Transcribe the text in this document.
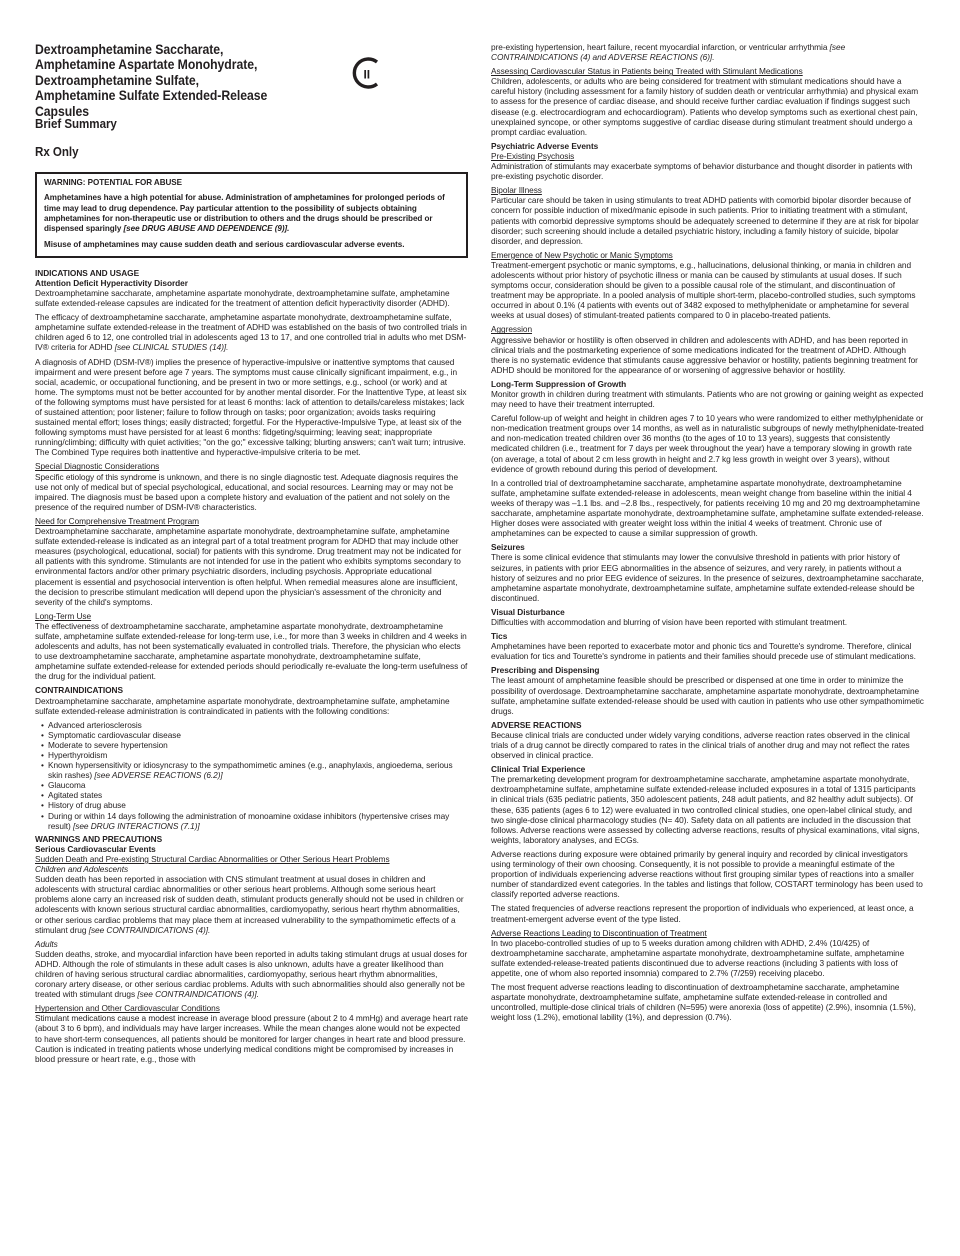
Dextroamphetamine Saccharate,
Amphetamine Aspartate Monohydrate,
Dextroamphetamine Sulfate,
Amphetamine Sulfate Extended-Release Capsules

II

Brief Summary

Rx Only

WARNING: POTENTIAL FOR ABUSE

Amphetamines have a high potential for abuse. Administration of amphetamines for prolonged periods of time may lead to drug dependence. Pay particular attention to the possibility of subjects obtaining amphetamines for non-therapeutic use or distribution to others and the drugs should be prescribed or dispensed sparingly [see DRUG ABUSE AND DEPENDENCE (9)].

Misuse of amphetamines may cause sudden death and serious cardiovascular adverse events.

INDICATIONS AND USAGE

Attention Deficit Hyperactivity Disorder

Dextroamphetamine saccharate, amphetamine aspartate monohydrate, dextroamphetamine sulfate, amphetamine sulfate extended-release capsules are indicated for the treatment of attention deficit hyperactivity disorder (ADHD).

The efficacy of dextroamphetamine saccharate, amphetamine aspartate monohydrate, dextroamphetamine sulfate, amphetamine sulfate extended-release in the treatment of ADHD was established on the basis of two controlled trials in children aged 6 to 12, one controlled trial in adolescents aged 13 to 17, and one controlled trial in adults who met DSM-IV® criteria for ADHD [see CLINICAL STUDIES (14)].

A diagnosis of ADHD (DSM-IV®) implies the presence of hyperactive-impulsive or inattentive symptoms that caused impairment and were present before age 7 years. The symptoms must cause clinically significant impairment, e.g., in social, academic, or occupational functioning, and be present in two or more settings, e.g., school (or work) and at home. The symptoms must not be better accounted for by another mental disorder. For the Inattentive Type, at least six of the following symptoms must have persisted for at least 6 months: lack of attention to details/careless mistakes; lack of sustained attention; poor listener; failure to follow through on tasks; poor organization; avoids tasks requiring sustained mental effort; loses things; easily distracted; forgetful. For the Hyperactive-Impulsive Type, at least six of the following symptoms must have persisted for at least 6 months: fidgeting/squirming; leaving seat; inappropriate running/climbing; difficulty with quiet activities; "on the go;" excessive talking; blurting answers; can't wait turn; intrusive. The Combined Type requires both inattentive and hyperactive-impulsive criteria to be met.

Special Diagnostic Considerations

Specific etiology of this syndrome is unknown, and there is no single diagnostic test. Adequate diagnosis requires the use not only of medical but of special psychological, educational, and social resources. Learning may or may not be impaired. The diagnosis must be based upon a complete history and evaluation of the patient and not solely on the presence of the required number of DSM-IV® characteristics.

Need for Comprehensive Treatment Program

Dextroamphetamine saccharate, amphetamine aspartate monohydrate, dextroamphetamine sulfate, amphetamine sulfate extended-release is indicated as an integral part of a total treatment program for ADHD that may include other measures (psychological, educational, social) for patients with this syndrome. Drug treatment may not be indicated for all patients with this syndrome. Stimulants are not intended for use in the patient who exhibits symptoms secondary to environmental factors and/or other primary psychiatric disorders, including psychosis. Appropriate educational placement is essential and psychosocial intervention is often helpful. When remedial measures alone are insufficient, the decision to prescribe stimulant medication will depend upon the physician's assessment of the chronicity and severity of the child's symptoms.

Long-Term Use

The effectiveness of dextroamphetamine saccharate, amphetamine aspartate monohydrate, dextroamphetamine sulfate, amphetamine sulfate extended-release for long-term use, i.e., for more than 3 weeks in children and 4 weeks in adolescents and adults, has not been systematically evaluated in controlled trials. Therefore, the physician who elects to use dextroamphetamine saccharate, amphetamine aspartate monohydrate, dextroamphetamine sulfate, amphetamine sulfate extended-release for extended periods should periodically re-evaluate the long-term usefulness of the drug for the individual patient.

CONTRAINDICATIONS

Dextroamphetamine saccharate, amphetamine aspartate monohydrate, dextroamphetamine sulfate, amphetamine sulfate extended-release administration is contraindicated in patients with the following conditions:

• Advanced arteriosclerosis
• Symptomatic cardiovascular disease
• Moderate to severe hypertension
• Hyperthyroidism
• Known hypersensitivity or idiosyncrasy to the sympathomimetic amines (e.g., anaphylaxis, angioedema, serious skin rashes) [see ADVERSE REACTIONS (6.2)]
• Glaucoma
• Agitated states
• History of drug abuse
• During or within 14 days following the administration of monoamine oxidase inhibitors (hypertensive crises may result) [see DRUG INTERACTIONS (7.1)]

WARNINGS AND PRECAUTIONS

Serious Cardiovascular Events

Sudden Death and Pre-existing Structural Cardiac Abnormalities or Other Serious Heart Problems

Children and Adolescents

Sudden death has been reported in association with CNS stimulant treatment at usual doses in children and adolescents with structural cardiac abnormalities or other serious heart problems. Although some serious heart problems alone carry an increased risk of sudden death, stimulant products generally should not be used in children or adolescents with known serious structural cardiac abnormalities, cardiomyopathy, serious heart rhythm abnormalities, or other serious cardiac problems that may place them at increased vulnerability to the sympathomimetic effects of a stimulant drug [see CONTRAINDICATIONS (4)].

Adults

Sudden deaths, stroke, and myocardial infarction have been reported in adults taking stimulant drugs at usual doses for ADHD. Although the role of stimulants in these adult cases is also unknown, adults have a greater likelihood than children of having serious structural cardiac abnormalities, cardiomyopathy, serious heart rhythm abnormalities, coronary artery disease, or other serious cardiac problems. Adults with such abnormalities should also generally not be treated with stimulant drugs [see CONTRAINDICATIONS (4)].

Hypertension and Other Cardiovascular Conditions

Stimulant medications cause a modest increase in average blood pressure (about 2 to 4 mmHg) and average heart rate (about 3 to 6 bpm), and individuals may have larger increases. While the mean changes alone would not be expected to have short-term consequences, all patients should be monitored for larger changes in heart rate and blood pressure. Caution is indicated in treating patients whose underlying medical conditions might be compromised by increases in blood pressure or heart rate, e.g., those with

pre-existing hypertension, heart failure, recent myocardial infarction, or ventricular arrhythmia [see CONTRAINDICATIONS (4) and ADVERSE REACTIONS (6)].

Assessing Cardiovascular Status in Patients being Treated with Stimulant Medications

Children, adolescents, or adults who are being considered for treatment with stimulant medications should have a careful history (including assessment for a family history of sudden death or ventricular arrhythmia) and physical exam to assess for the presence of cardiac disease, and should receive further cardiac evaluation if findings suggest such disease (e.g. electrocardiogram and echocardiogram). Patients who develop symptoms such as exertional chest pain, unexplained syncope, or other symptoms suggestive of cardiac disease during stimulant treatment should undergo a prompt cardiac evaluation.

Psychiatric Adverse Events

Pre-Existing Psychosis

Administration of stimulants may exacerbate symptoms of behavior disturbance and thought disorder in patients with pre-existing psychotic disorder.

Bipolar Illness

Particular care should be taken in using stimulants to treat ADHD patients with comorbid bipolar disorder because of concern for possible induction of mixed/manic episode in such patients. Prior to initiating treatment with a stimulant, patients with comorbid depressive symptoms should be adequately screened to determine if they are at risk for bipolar disorder; such screening should include a detailed psychiatric history, including a family history of suicide, bipolar disorder, and depression.

Emergence of New Psychotic or Manic Symptoms

Treatment-emergent psychotic or manic symptoms, e.g., hallucinations, delusional thinking, or mania in children and adolescents without prior history of psychotic illness or mania can be caused by stimulants at usual doses. If such symptoms occur, consideration should be given to a possible causal role of the stimulant, and discontinuation of treatment may be appropriate. In a pooled analysis of multiple short-term, placebo-controlled studies, such symptoms occurred in about 0.1% (4 patients with events out of 3482 exposed to methylphenidate or amphetamine for several weeks at usual doses) of stimulant-treated patients compared to 0 in placebo-treated patients.

Aggression

Aggressive behavior or hostility is often observed in children and adolescents with ADHD, and has been reported in clinical trials and the postmarketing experience of some medications indicated for the treatment of ADHD. Although there is no systematic evidence that stimulants cause aggressive behavior or hostility, patients beginning treatment for ADHD should be monitored for the appearance of or worsening of aggressive behavior or hostility.

Long-Term Suppression of Growth

Monitor growth in children during treatment with stimulants. Patients who are not growing or gaining weight as expected may need to have their treatment interrupted.

Careful follow-up of weight and height in children ages 7 to 10 years who were randomized to either methylphenidate or non-medication treatment groups over 14 months, as well as in naturalistic subgroups of newly methylphenidate-treated and non-medication treated children over 36 months (to the ages of 10 to 13 years), suggests that consistently medicated children (i.e., treatment for 7 days per week throughout the year) have a temporary slowing in growth rate (on average, a total of about 2 cm less growth in height and 2.7 kg less growth in weight over 3 years), without evidence of growth rebound during this period of development.

In a controlled trial of dextroamphetamine saccharate, amphetamine aspartate monohydrate, dextroamphetamine sulfate, amphetamine sulfate extended-release in adolescents, mean weight change from baseline within the initial 4 weeks of therapy was –1.1 lbs. and –2.8 lbs., respectively, for patients receiving 10 mg and 20 mg dextroamphetamine saccharate, amphetamine aspartate monohydrate, dextroamphetamine sulfate, amphetamine sulfate extended-release. Higher doses were associated with greater weight loss within the initial 4 weeks of treatment. Chronic use of amphetamines can be expected to cause a similar suppression of growth.

Seizures

There is some clinical evidence that stimulants may lower the convulsive threshold in patients with prior history of seizures, in patients with prior EEG abnormalities in the absence of seizures, and very rarely, in patients without a history of seizures and no prior EEG evidence of seizures. In the presence of seizures, dextroamphetamine saccharate, amphetamine aspartate monohydrate, dextroamphetamine sulfate, amphetamine sulfate extended-release should be discontinued.

Visual Disturbance

Difficulties with accommodation and blurring of vision have been reported with stimulant treatment.

Tics

Amphetamines have been reported to exacerbate motor and phonic tics and Tourette's syndrome. Therefore, clinical evaluation for tics and Tourette's syndrome in patients and their families should precede use of stimulant medications.

Prescribing and Dispensing

The least amount of amphetamine feasible should be prescribed or dispensed at one time in order to minimize the possibility of overdosage. Dextroamphetamine saccharate, amphetamine aspartate monohydrate, dextroamphetamine sulfate, amphetamine sulfate extended-release should be used with caution in patients who use other sympathomimetic drugs.

ADVERSE REACTIONS

Because clinical trials are conducted under widely varying conditions, adverse reaction rates observed in the clinical trials of a drug cannot be directly compared to rates in the clinical trials of another drug and may not reflect the rates observed in clinical practice.

Clinical Trial Experience

The premarketing development program for dextroamphetamine saccharate, amphetamine aspartate monohydrate, dextroamphetamine sulfate, amphetamine sulfate extended-release included exposures in a total of 1315 participants in clinical trials (635 pediatric patients, 350 adolescent patients, 248 adult patients, and 82 healthy adult subjects). Of these, 635 patients (ages 6 to 12) were evaluated in two controlled clinical studies, one open-label clinical study, and two single-dose clinical pharmacology studies (N= 40). Safety data on all patients are included in the discussion that follows. Adverse reactions were assessed by collecting adverse reactions, results of physical examinations, vital signs, weights, laboratory analyses, and ECGs.

Adverse reactions during exposure were obtained primarily by general inquiry and recorded by clinical investigators using terminology of their own choosing. Consequently, it is not possible to provide a meaningful estimate of the proportion of individuals experiencing adverse reactions without first grouping similar types of reactions into a smaller number of standardized event categories. In the tables and listings that follow, COSTART terminology has been used to classify reported adverse reactions.

The stated frequencies of adverse reactions represent the proportion of individuals who experienced, at least once, a treatment-emergent adverse event of the type listed.

Adverse Reactions Leading to Discontinuation of Treatment

In two placebo-controlled studies of up to 5 weeks duration among children with ADHD, 2.4% (10/425) of dextroamphetamine saccharate, amphetamine aspartate monohydrate, dextroamphetamine sulfate, amphetamine sulfate extended-release-treated patients discontinued due to adverse reactions (including 3 patients with loss of appetite, one of whom also reported insomnia) compared to 2.7% (7/259) receiving placebo.

The most frequent adverse reactions leading to discontinuation of dextroamphetamine saccharate, amphetamine aspartate monohydrate, dextroamphetamine sulfate, amphetamine sulfate extended-release in controlled and uncontrolled, multiple-dose clinical trials of children (N=595) were anorexia (loss of appetite) (2.9%), insomnia (1.5%), weight loss (1.2%), emotional lability (1%), and depression (0.7%).
